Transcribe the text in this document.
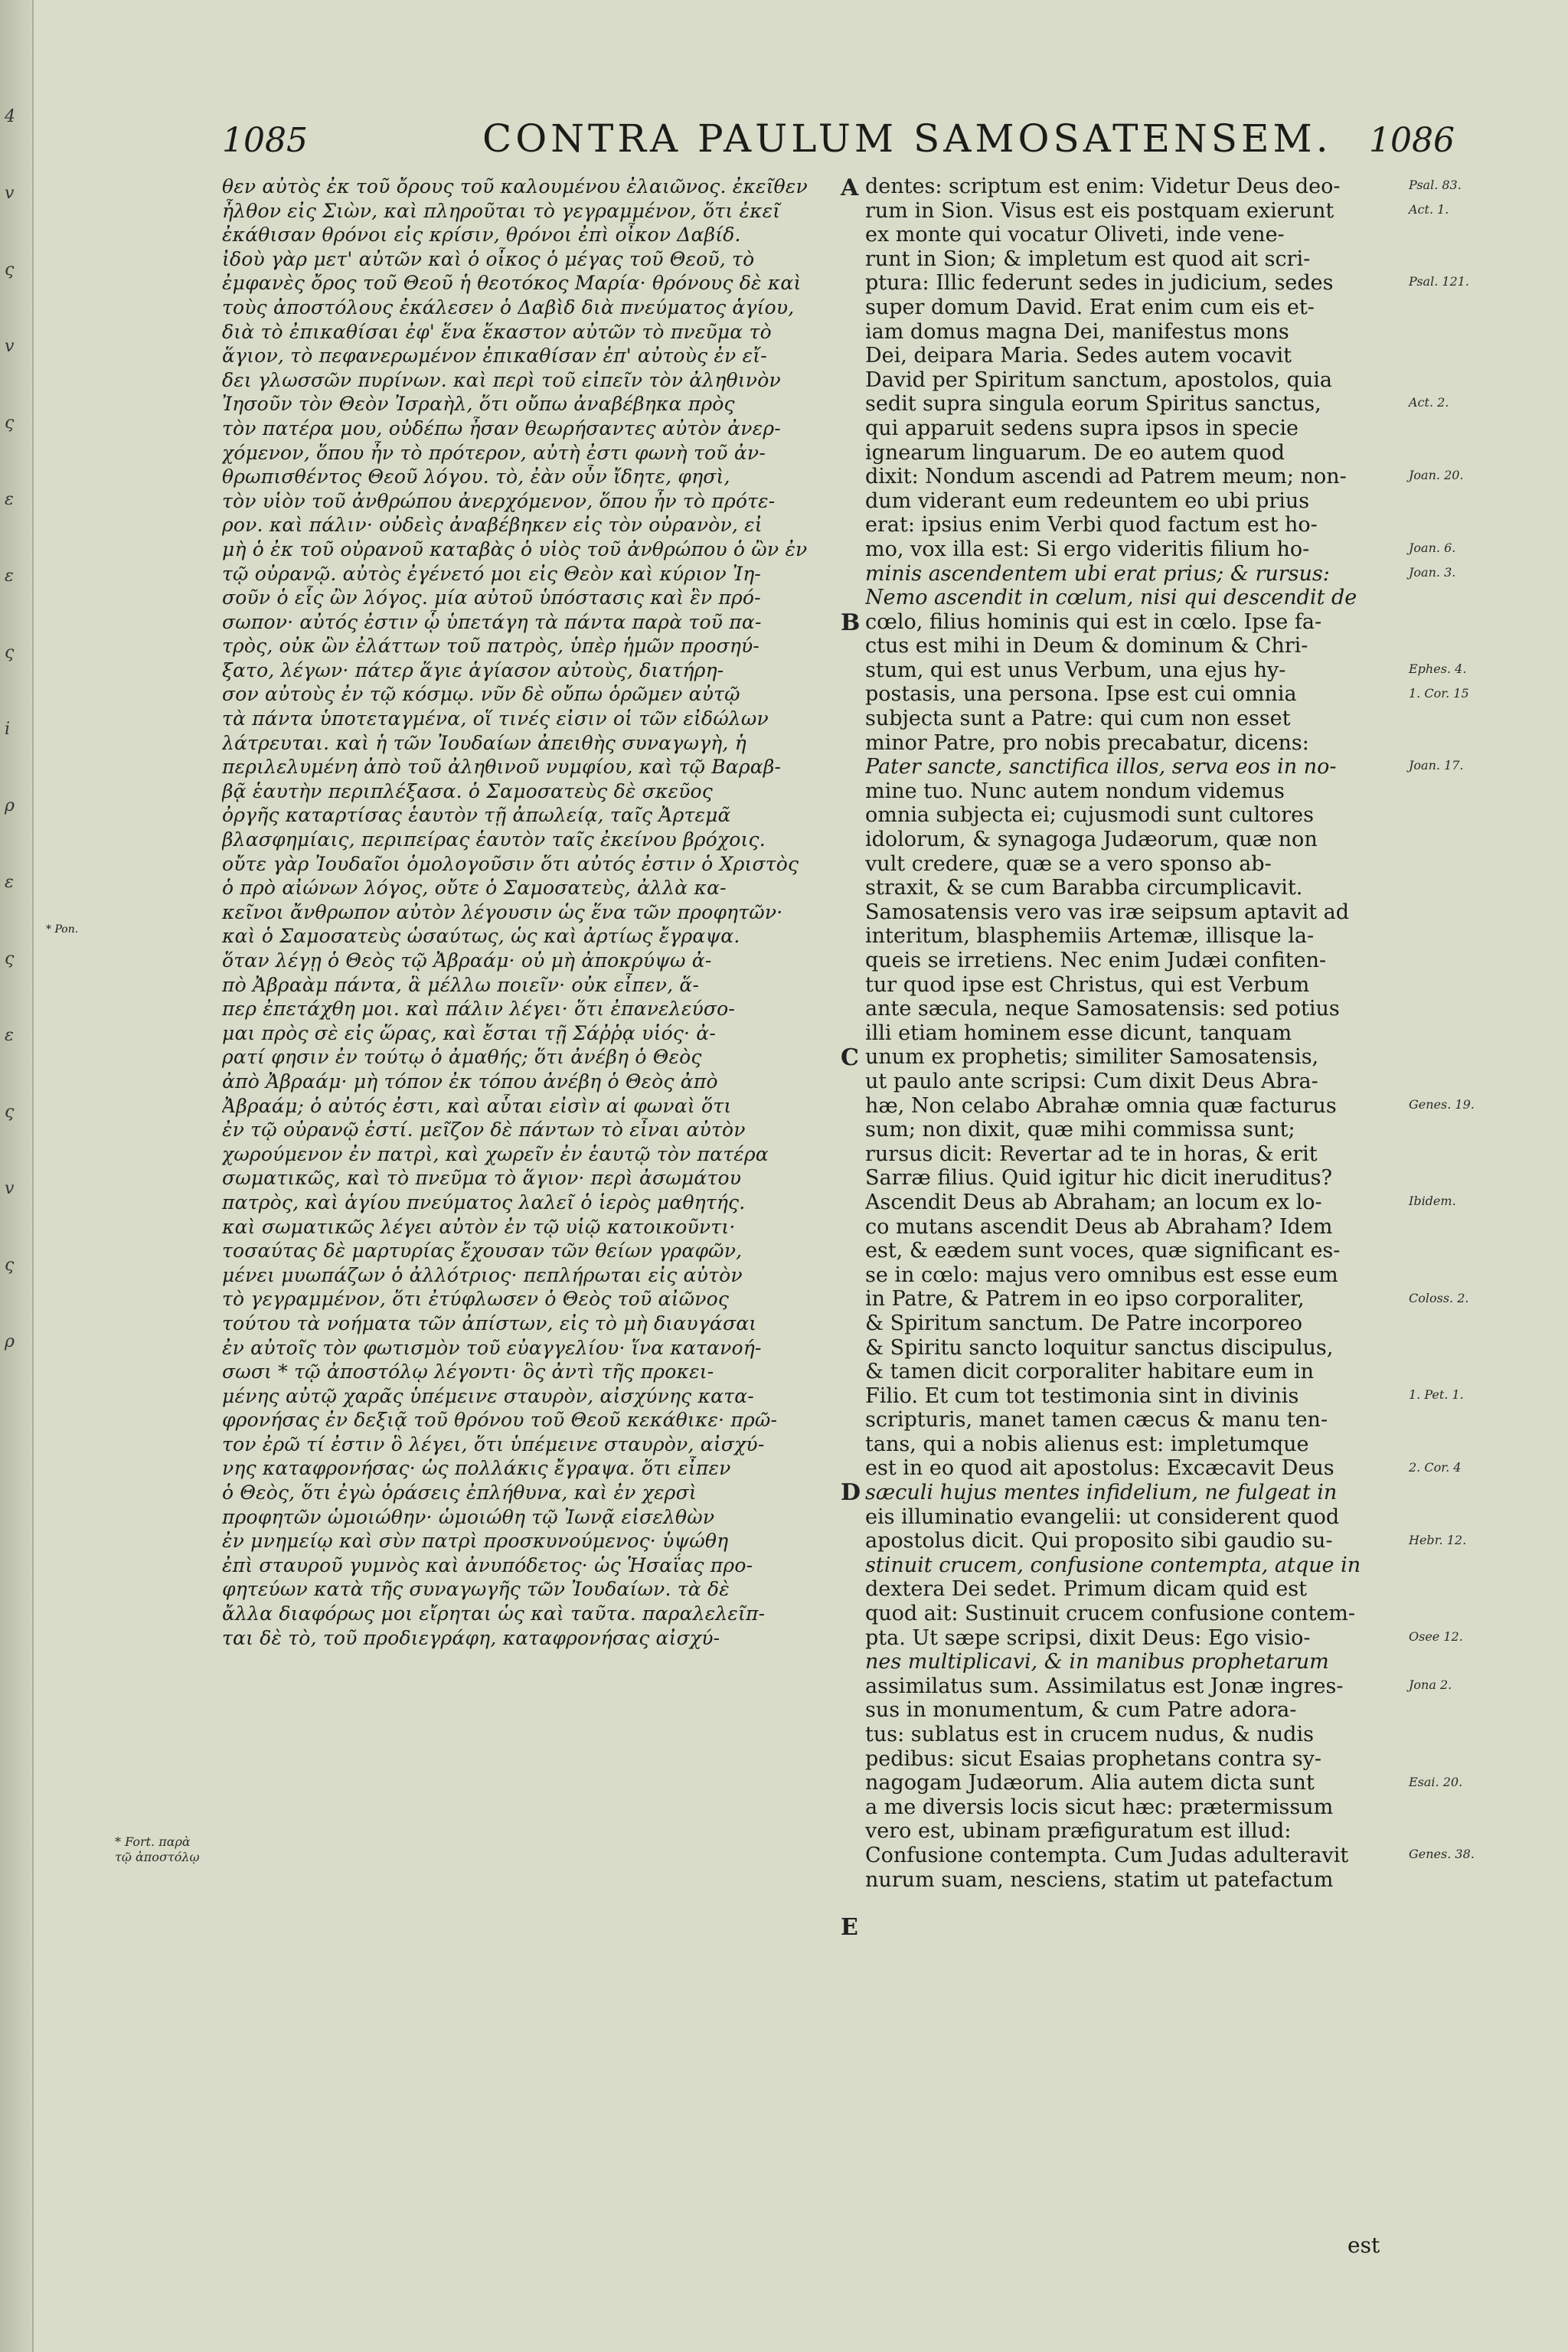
4
v
ς
v
ς
ε
ε
ς
i
ρ
ε
ς
ε
ς
v
ς
ρ
1085	CONTRA PAULUM SAMOSATENSEM. 1086
θεν αὐτὸς ἐκ τοῦ ὄρους τοῦ καλουμένου ἐλαιῶνος. ἐκεῖθεν
ἦλθον εἰς Σιὼν, καὶ πληροῦται τὸ γεγραμμένον, ὅτι ἐκεῖ
ἐκάθισαν θρόνοι εἰς κρίσιν, θρόνοι ἐπὶ οἶκον Δαβίδ.
ἰδοὺ γὰρ μετ' αὐτῶν καὶ ὁ οἶκος ὁ μέγας τοῦ Θεοῦ, τὸ
ἐμφανὲς ὄρος τοῦ Θεοῦ ἡ θεοτόκος Μαρία· θρόνους δὲ καὶ
τοὺς ἀποστόλους ἐκάλεσεν ὁ Δαβὶδ διὰ πνεύματος ἁγίου,
διὰ τὸ ἐπικαθίσαι ἐφ' ἕνα ἕκαστον αὐτῶν τὸ πνεῦμα τὸ
ἅγιον, τὸ πεφανερωμένον ἐπικαθίσαν ἐπ' αὐτοὺς ἐν εἴ-
δει γλωσσῶν πυρίνων. καὶ περὶ τοῦ εἰπεῖν τὸν ἀληθινὸν
Ἰησοῦν τὸν Θεὸν Ἰσραὴλ, ὅτι οὔπω ἀναβέβηκα πρὸς
τὸν πατέρα μου, οὐδέπω ἦσαν θεωρήσαντες αὐτὸν ἀνερ-
χόμενον, ὅπου ἦν τὸ πρότερον, αὐτὴ ἐστι φωνὴ τοῦ ἀν-
θρωπισθέντος Θεοῦ λόγου. τὸ, ἐὰν οὖν ἴδητε, φησὶ,
τὸν υἱὸν τοῦ ἀνθρώπου ἀνερχόμενον, ὅπου ἦν τὸ πρότε-
ρον. καὶ πάλιν· οὐδεὶς ἀναβέβηκεν εἰς τὸν οὐρανὸν, εἰ
μὴ ὁ ἐκ τοῦ οὐρανοῦ καταβὰς ὁ υἱὸς τοῦ ἀνθρώπου ὁ ὢν ἐν
τῷ οὐρανῷ. αὐτὸς ἐγένετό μοι εἰς Θεὸν καὶ κύριον Ἰη-
σοῦν ὁ εἷς ὢν λόγος. μία αὐτοῦ ὑπόστασις καὶ ἓν πρό-
σωπον· αὐτός ἐστιν ᾧ ὑπετάγη τὰ πάντα παρὰ τοῦ πα-
τρὸς, οὐκ ὢν ἐλάττων τοῦ πατρὸς, ὑπὲρ ἡμῶν προσηύ-
ξατο, λέγων· πάτερ ἅγιε ἁγίασον αὐτοὺς, διατήρη-
σον αὐτοὺς ἐν τῷ κόσμῳ. νῦν δὲ οὔπω ὁρῶμεν αὐτῷ
τὰ πάντα ὑποτεταγμένα, οἵ τινές εἰσιν οἱ τῶν εἰδώλων
λάτρευται. καὶ ἡ τῶν Ἰουδαίων ἀπειθὴς συναγωγὴ, ἡ
περιλελυμένη ἀπὸ τοῦ ἀληθινοῦ νυμφίου, καὶ τῷ Βαραβ-
βᾷ ἑαυτὴν περιπλέξασα. ὁ Σαμοσατεὺς δὲ σκεῦος
ὀργῆς καταρτίσας ἑαυτὸν τῇ ἀπωλείᾳ, ταῖς Ἀρτεμᾶ
βλασφημίαις, περιπείρας ἑαυτὸν ταῖς ἐκείνου βρόχοις.
οὔτε γὰρ Ἰουδαῖοι ὁμολογοῦσιν ὅτι αὐτός ἐστιν ὁ Χριστὸς
ὁ πρὸ αἰώνων λόγος, οὔτε ὁ Σαμοσατεὺς, ἀλλὰ κα-
κεῖνοι ἄνθρωπον αὐτὸν λέγουσιν ὡς ἕνα τῶν προφητῶν·
καὶ ὁ Σαμοσατεὺς ὡσαύτως, ὡς καὶ ἀρτίως ἔγραψα.
ὅταν λέγῃ ὁ Θεὸς τῷ Ἀβραάμ· οὐ μὴ ἀποκρύψω ἀ-
πὸ Ἀβραὰμ πάντα, ἃ μέλλω ποιεῖν· οὐκ εἶπεν, ἅ-
περ ἐπετάχθη μοι. καὶ πάλιν λέγει· ὅτι ἐπανελεύσο-
μαι πρὸς σὲ εἰς ὥρας, καὶ ἔσται τῇ Σάῤῥᾳ υἱός· ἀ-
ρατί φησιν ἐν τούτῳ ὁ ἀμαθής; ὅτι ἀνέβη ὁ Θεὸς
ἀπὸ Ἀβραάμ· μὴ τόπον ἐκ τόπου ἀνέβη ὁ Θεὸς ἀπὸ
Ἀβραάμ; ὁ αὐτός ἐστι, καὶ αὗται εἰσὶν αἱ φωναὶ ὅτι
ἐν τῷ οὐρανῷ ἐστί. μεῖζον δὲ πάντων τὸ εἶναι αὐτὸν
χωρούμενον ἐν πατρὶ, καὶ χωρεῖν ἐν ἑαυτῷ τὸν πατέρα
σωματικῶς, καὶ τὸ πνεῦμα τὸ ἅγιον· περὶ ἀσωμάτου
πατρὸς, καὶ ἁγίου πνεύματος λαλεῖ ὁ ἱερὸς μαθητής.
καὶ σωματικῶς λέγει αὐτὸν ἐν τῷ υἱῷ κατοικοῦντι·
τοσαύτας δὲ μαρτυρίας ἔχουσαν τῶν θείων γραφῶν,
μένει μυωπάζων ὁ ἀλλότριος· πεπλήρωται εἰς αὐτὸν
τὸ γεγραμμένον, ὅτι ἐτύφλωσεν ὁ Θεὸς τοῦ αἰῶνος
τούτου τὰ νοήματα τῶν ἀπίστων, εἰς τὸ μὴ διαυγάσαι
ἐν αὐτοῖς τὸν φωτισμὸν τοῦ εὐαγγελίου· ἵνα κατανοή-
σωσι * τῷ ἀποστόλῳ λέγοντι· ὃς ἀντὶ τῆς προκει-
μένης αὐτῷ χαρᾶς ὑπέμεινε σταυρὸν, αἰσχύνης κατα-
φρονήσας ἐν δεξιᾷ τοῦ θρόνου τοῦ Θεοῦ κεκάθικε· πρῶ-
τον ἐρῶ τί ἐστιν ὃ λέγει, ὅτι ὑπέμεινε σταυρὸν, αἰσχύ-
νης καταφρονήσας· ὡς πολλάκις ἔγραψα. ὅτι εἶπεν
ὁ Θεὸς, ὅτι ἐγὼ ὁράσεις ἐπλήθυνα, καὶ ἐν χερσὶ
προφητῶν ὡμοιώθην· ὡμοιώθη τῷ Ἰωνᾷ εἰσελθὼν
ἐν μνημείῳ καὶ σὺν πατρὶ προσκυνούμενος· ὑψώθη
ἐπὶ σταυροῦ γυμνὸς καὶ ἀνυπόδετος· ὡς Ἡσαΐας προ-
φητεύων κατὰ τῆς συναγωγῆς τῶν Ἰουδαίων. τὰ δὲ
ἄλλα διαφόρως μοι εἴρηται ὡς καὶ ταῦτα. παραλελεῖπ-
ται δὲ τὸ, τοῦ προδιεγράφη, καταφρονήσας αἰσχύ-
dentes: scriptum est enim: Videtur Deus deo-
rum in Sion. Visus est eis postquam exierunt
ex monte qui vocatur Oliveti, inde vene-
runt in Sion; & impletum est quod ait scri-
ptura: Illic federunt sedes in judicium, sedes
super domum David. Erat enim cum eis et-
iam domus magna Dei, manifestus mons
Dei, deipara Maria. Sedes autem vocavit
David per Spiritum sanctum, apostolos, quia
sedit supra singula eorum Spiritus sanctus,
qui apparuit sedens supra ipsos in specie
ignearum linguarum. De eo autem quod
dixit: Nondum ascendi ad Patrem meum; non-
dum viderant eum redeuntem eo ubi prius
erat: ipsius enim Verbi quod factum est ho-
mo, vox illa est: Si ergo videritis filium ho-
minis ascendentem ubi erat prius; & rursus:
Nemo ascendit in cœlum, nisi qui descendit de
cœlo, filius hominis qui est in cœlo. Ipse fa-
ctus est mihi in Deum & dominum & Chri-
stum, qui est unus Verbum, una ejus hy-
postasis, una persona. Ipse est cui omnia
subjecta sunt a Patre: qui cum non esset
minor Patre, pro nobis precabatur, dicens:
Pater sancte, sanctifica illos, serva eos in no-
mine tuo. Nunc autem nondum videmus
omnia subjecta ei; cujusmodi sunt cultores
idolorum, & synagoga Judæorum, quæ non
vult credere, quæ se a vero sponso ab-
straxit, & se cum Barabba circumplicavit.
Samosatensis vero vas iræ seipsum aptavit ad
interitum, blasphemiis Artemæ, illisque la-
queis se irretiens. Nec enim Judæi confiten-
tur quod ipse est Christus, qui est Verbum
ante sæcula, neque Samosatensis: sed potius
illi etiam hominem esse dicunt, tanquam
unum ex prophetis; similiter Samosatensis,
ut paulo ante scripsi: Cum dixit Deus Abra-
hæ, Non celabo Abrahæ omnia quæ facturus
sum; non dixit, quæ mihi commissa sunt;
rursus dicit: Revertar ad te in horas, & erit
Sarræ filius. Quid igitur hic dicit ineruditus?
Ascendit Deus ab Abraham; an locum ex lo-
co mutans ascendit Deus ab Abraham? Idem
est, & eædem sunt voces, quæ significant es-
se in cœlo: majus vero omnibus est esse eum
in Patre, & Patrem in eo ipso corporaliter,
& Spiritum sanctum. De Patre incorporeo
& Spiritu sancto loquitur sanctus discipulus,
& tamen dicit corporaliter habitare eum in
Filio. Et cum tot testimonia sint in divinis
scripturis, manet tamen cæcus & manu ten-
tans, qui a nobis alienus est: impletumque
est in eo quod ait apostolus: Excæcavit Deus
sæculi hujus mentes infidelium, ne fulgeat in
eis illuminatio evangelii: ut considerent quod
apostolus dicit. Qui proposito sibi gaudio su-
stinuit crucem, confusione contempta, atque in
dextera Dei sedet. Primum dicam quid est
quod ait: Sustinuit crucem confusione contem-
pta. Ut sæpe scripsi, dixit Deus: Ego visio-
nes multiplicavi, & in manibus prophetarum
assimilatus sum. Assimilatus est Jonæ ingres-
sus in monumentum, & cum Patre adora-
tus: sublatus est in crucem nudus, & nudis
pedibus: sicut Esaias prophetans contra sy-
nagogam Judæorum. Alia autem dicta sunt
a me diversis locis sicut hæc: prætermissum
vero est, ubinam præfiguratum est illud:
Confusione contempta. Cum Judas adulteravit
nurum suam, nesciens, statim ut patefactum
A
B
C
D
E
Psal. 83.
Act. 1.
Psal. 121.
Act. 2.
Joan. 20.
Joan. 6.
Joan. 3.
Ephes. 4.
1. Cor. 15
Joan. 17.
Genes. 19.
Ibidem.
Coloss. 2.
1. Pet. 1.
2. Cor. 4
Hebr. 12.
Osee 12.
Jona 2.
Esai. 20.
Genes. 38.
* Pon.
* Fort. παρὰ
τῷ ἀποστόλῳ
est
